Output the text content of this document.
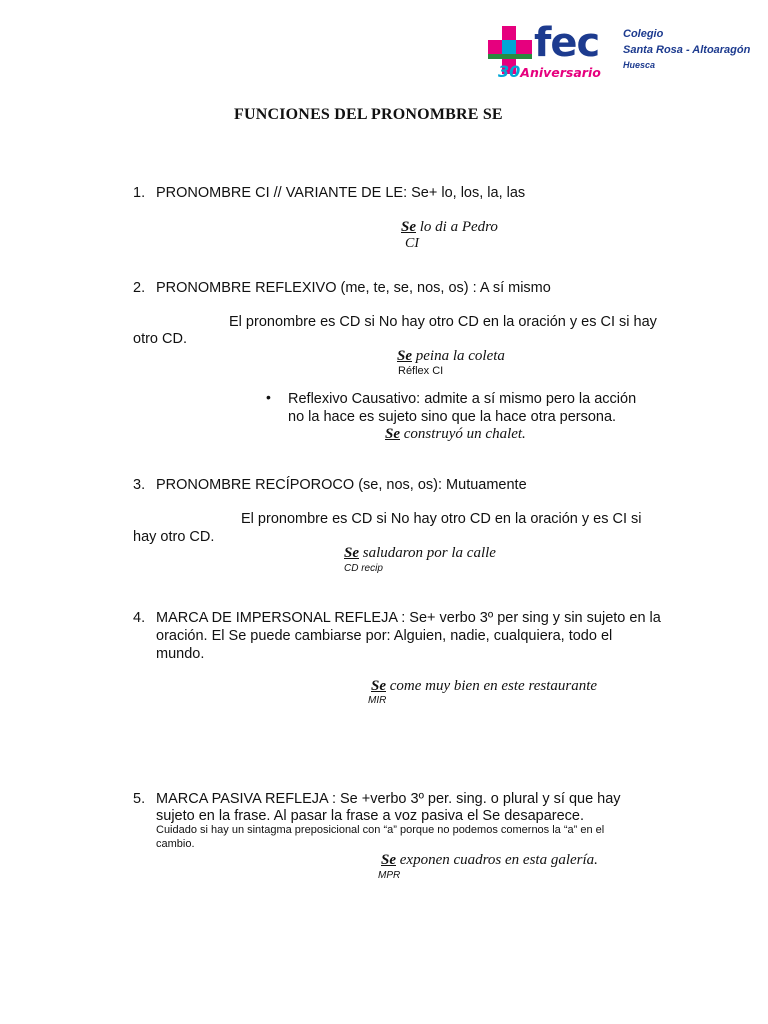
fec
30Aniversario
Colegio
Santa Rosa - Altoaragón
Huesca
FUNCIONES DEL PRONOMBRE SE
1. PRONOMBRE CI // VARIANTE DE LE: Se+ lo, los, la, las
Se lo di a Pedro
CI
2. PRONOMBRE REFLEXIVO (me, te, se, nos, os) : A sí mismo
El pronombre es CD si No hay otro CD en la oración y es CI si hay
otro CD.
Se peina la coleta
Réflex CI
• Reflexivo Causativo: admite a sí mismo pero la acción
no la hace es sujeto sino que la hace otra persona.
Se construyó un chalet.
3. PRONOMBRE RECÍPOROCO (se, nos, os): Mutuamente
El pronombre es CD si No hay otro CD en la oración y es CI si
hay otro CD.
Se saludaron por la calle
CD recip
4. MARCA DE IMPERSONAL REFLEJA : Se+ verbo 3º per sing y sin sujeto en la
oración. El Se puede cambiarse por: Alguien, nadie, cualquiera, todo el
mundo.
Se come muy bien en este restaurante
MIR
5. MARCA PASIVA REFLEJA : Se +verbo 3º per. sing. o plural y sí que hay
sujeto en la frase. Al pasar la frase a voz pasiva el Se desaparece.
Cuidado si hay un sintagma preposicional con “a” porque no podemos comernos la “a” en el
cambio.
Se exponen cuadros en esta galería.
MPR
